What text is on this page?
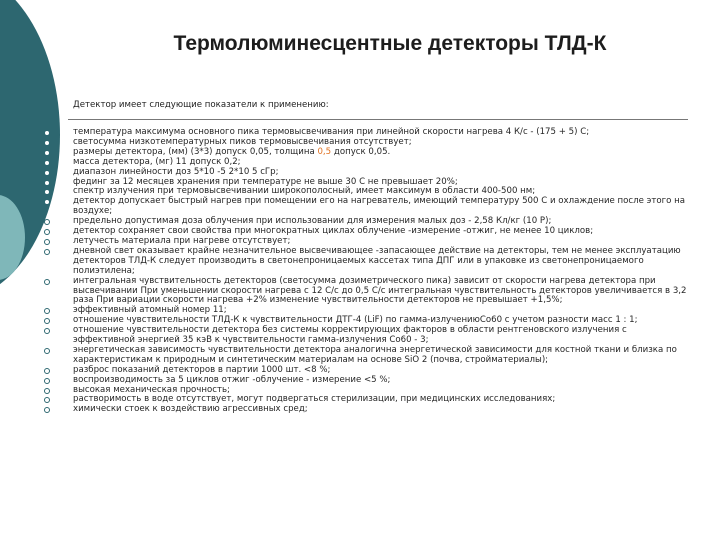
Термолюминесцентные детекторы ТЛД-К
Детектор имеет следующие показатели к применению:
температура максимума основного пика термовысвечивания при линейной скорости нагрева 4 К/с - (175 + 5) С;
светосумма низкотемпературных пиков термовысвечивания отсутствует;
размеры детектора, (мм) (3*3) допуск 0,05, толщина 0,5 допуск 0,05.
масса детектора, (мг) 11 допуск 0,2;
диапазон линейности доз 5*10 -5 2*10 5 сГр;
фединг за 12 месяцев хранения при температуре не выше 30 С не превышает 20%;
спектр излучения при термовысвечивании широкополосный, имеет максимум в области 400-500 нм;
детектор допускает быстрый нагрев при помещении его на нагреватель, имеющий температуру 500 С и охлаждение после этого на воздухе;
предельно допустимая доза облучения при использовании для измерения малых доз - 2,58 Кл/кг (10 Р);
детектор сохраняет свои свойства при многократных циклах облучение -измерение -отжиг, не менее 10 циклов;
летучесть материала при нагреве отсутствует;
дневной свет оказывает крайне незначительное высвечивающее -запасающее действие на детекторы, тем не менее эксплуатацию детекторов ТЛД-К следует производить в светонепроницаемых кассетах типа ДПГ или в упаковке из светонепроницаемого полиэтилена;
интегральная чувствительность детекторов (светосумма дозиметрического пика) зависит от скорости нагрева детектора при высвечивании При уменьшении скорости нагрева с 12 С/с до 0,5 С/с интегральная чувствительность детекторов увеличивается в 3,2 раза При вариации скорости нагрева +2% изменение чувствительности детекторов не превышает +1,5%;
эффективный атомный номер 11;
отношение чувствительности ТЛД-К к чувствительности ДТГ-4 (LiF) по гамма-излучениюСо60 с учетом разности масс 1 : 1;
отношение чувствительности детектора без системы корректирующих факторов в области рентгеновского излучения с эффективной энергией 35 кэВ к чувствительности гамма-излучения Со60 - 3;
энергетическая зависимость чувствительности детектора аналогична энергетической зависимости для костной ткани и близка по характеристикам к природным и синтетическим материалам на основе SiO 2 (почва, стройматериалы);
разброс показаний детекторов в партии 1000 шт. <8 %;
воспроизводимость за 5 циклов отжиг -облучение - измерение <5 %;
высокая механическая прочность;
растворимость в воде отсутствует, могут подвергаться стерилизации, при медицинских исследованиях;
химически стоек к воздействию агрессивных сред;
